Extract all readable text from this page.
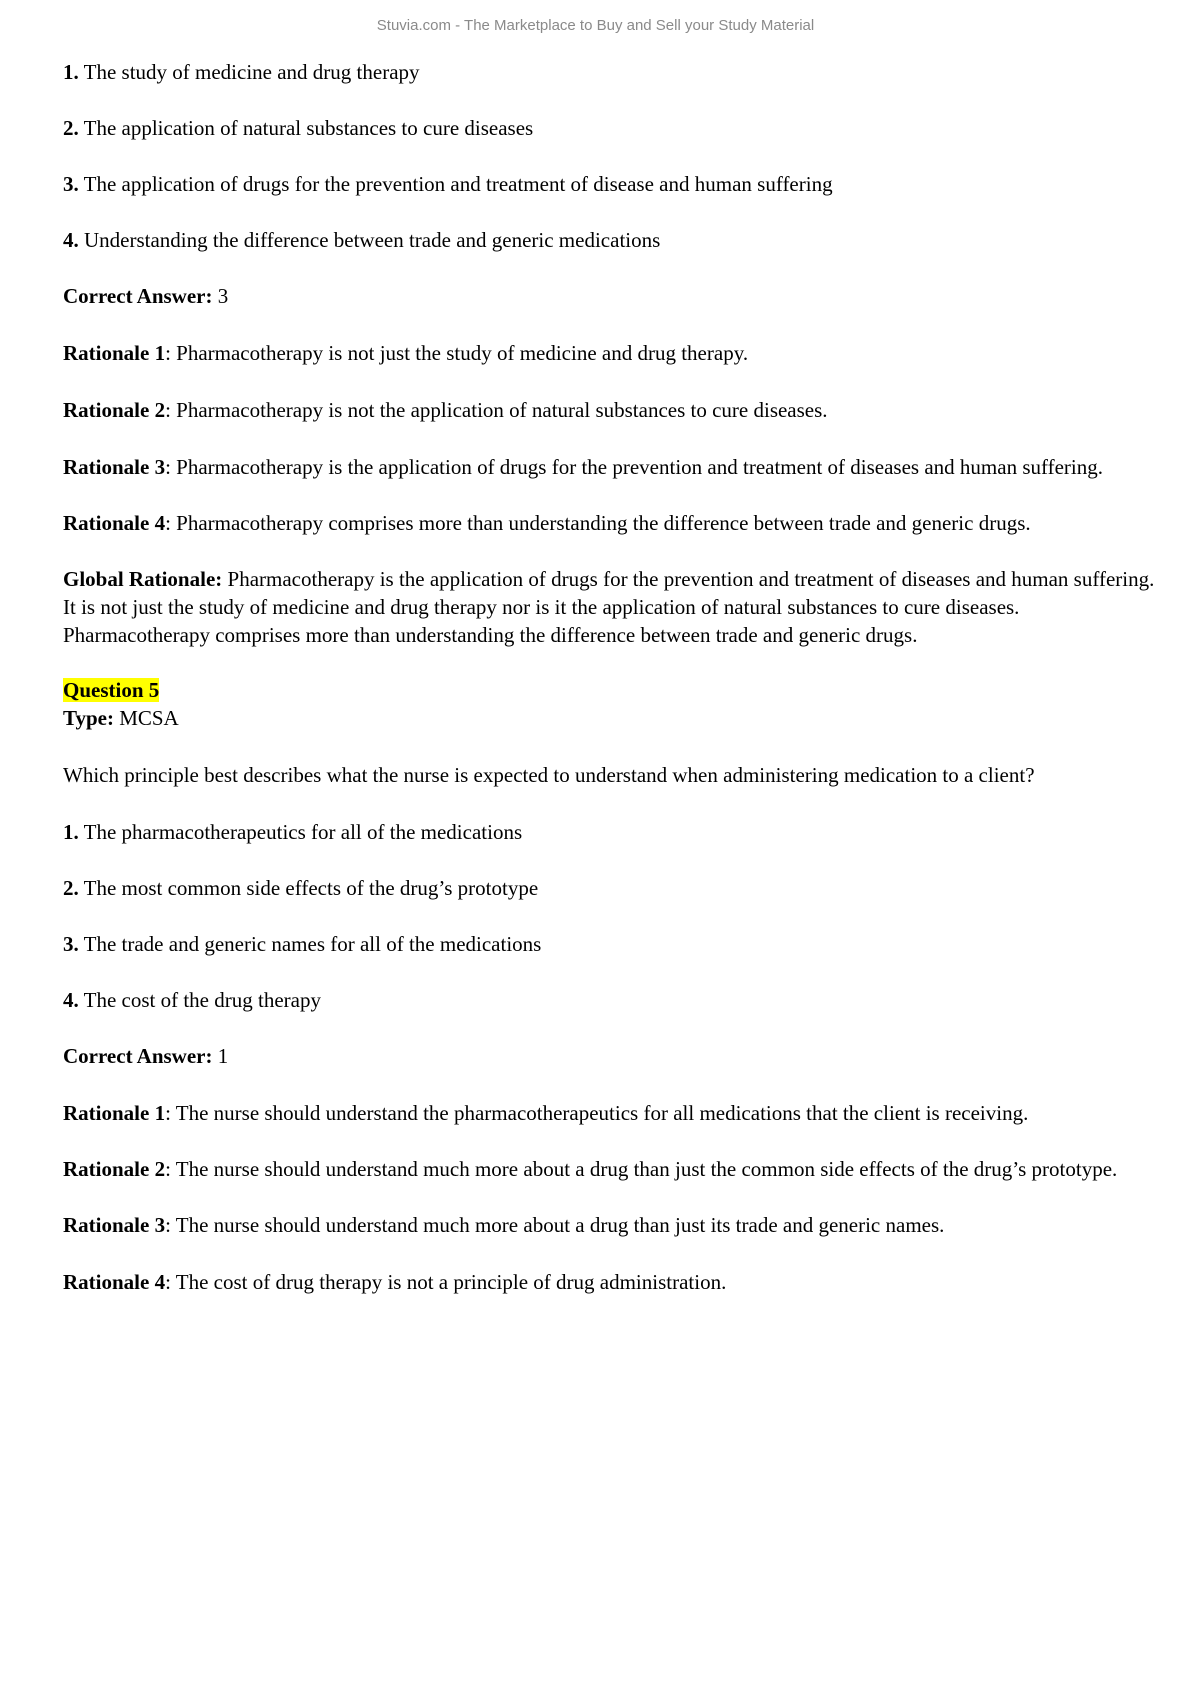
Stuvia.com - The Marketplace to Buy and Sell your Study Material

1. The study of medicine and drug therapy

2. The application of natural substances to cure diseases

3. The application of drugs for the prevention and treatment of disease and human suffering

4. Understanding the difference between trade and generic medications

Correct Answer: 3

Rationale 1: Pharmacotherapy is not just the study of medicine and drug therapy.

Rationale 2: Pharmacotherapy is not the application of natural substances to cure diseases.

Rationale 3: Pharmacotherapy is the application of drugs for the prevention and treatment of diseases and human suffering.

Rationale 4: Pharmacotherapy comprises more than understanding the difference between trade and generic drugs.

Global Rationale: Pharmacotherapy is the application of drugs for the prevention and treatment of diseases and human suffering. It is not just the study of medicine and drug therapy nor is it the application of natural substances to cure diseases. Pharmacotherapy comprises more than understanding the difference between trade and generic drugs.

Question 5

Type: MCSA

Which principle best describes what the nurse is expected to understand when administering medication to a client?

1. The pharmacotherapeutics for all of the medications

2. The most common side effects of the drug’s prototype

3. The trade and generic names for all of the medications

4. The cost of the drug therapy

Correct Answer: 1

Rationale 1: The nurse should understand the pharmacotherapeutics for all medications that the client is receiving.

Rationale 2: The nurse should understand much more about a drug than just the common side effects of the drug’s prototype.

Rationale 3: The nurse should understand much more about a drug than just its trade and generic names.

Rationale 4: The cost of drug therapy is not a principle of drug administration.
